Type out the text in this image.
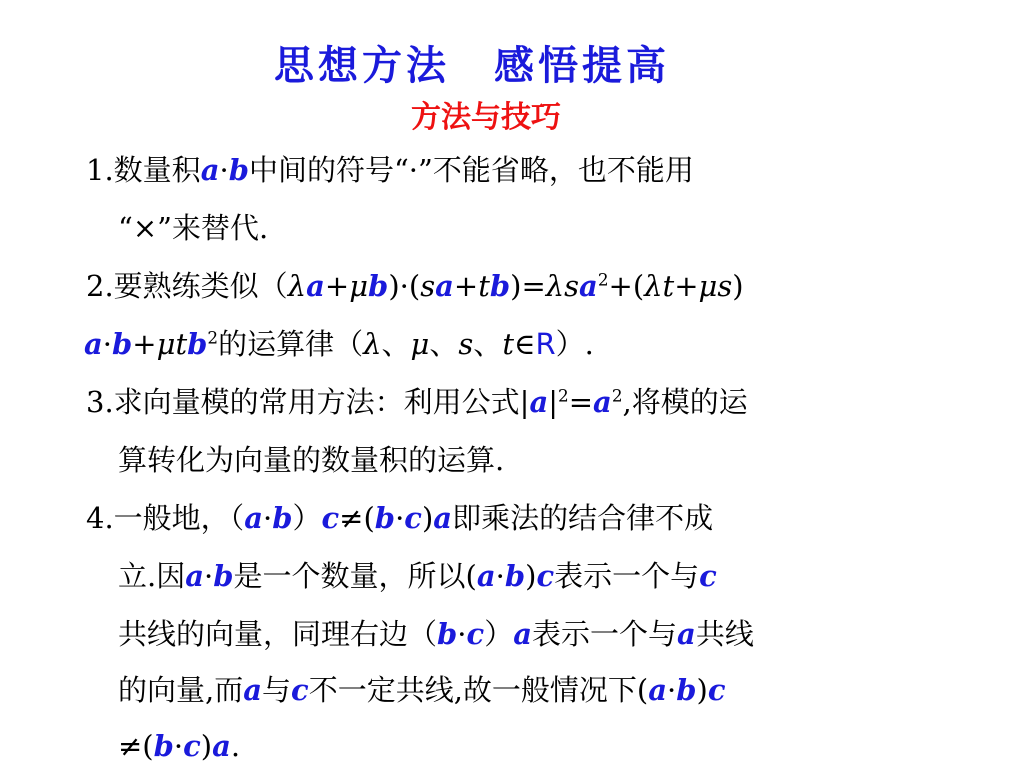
思想方法　感悟提高
方法与技巧
1.数量积a·b中间的符号“·”不能省略，也不能用
“×”来替代.
2.要熟练类似（λa+μb)·(sa+tb)=λsa$^2$+(λt+μs)
a·b+μtb$^2$的运算律（λ、μ、s、t∈R）.
3.求向量模的常用方法：利用公式$|a|^2=a^2$,将模的运
算转化为向量的数量积的运算.
4.一般地，（a·b）c≠(b·c)a即乘法的结合律不成
立.因a·b是一个数量，所以(a·b)c表示一个与c
共线的向量，同理右边（b·c）a表示一个与a共线
的向量,而a与c不一定共线,故一般情况下(a·b)c
≠(b·c)a.
